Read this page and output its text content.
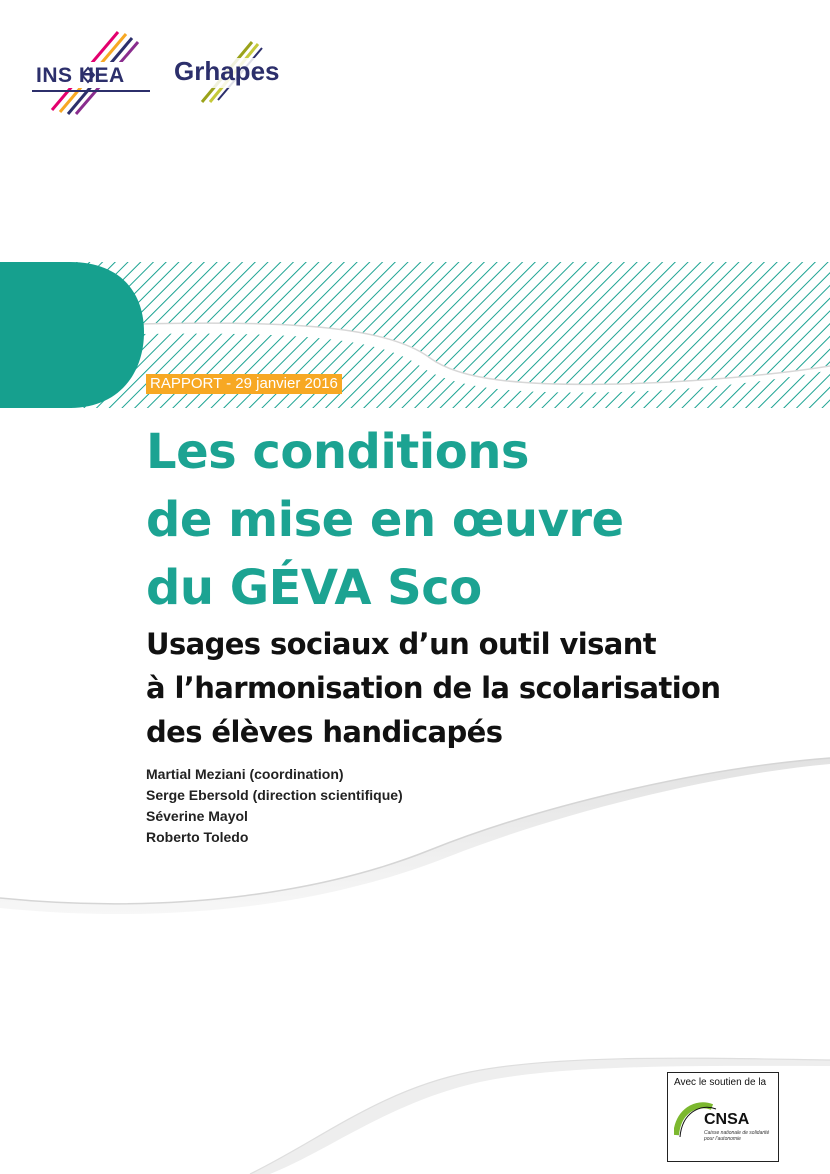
INS HEA Grhapes
RAPPORT - 29 janvier 2016
Les conditions
de mise en œuvre
du GÉVA Sco
Usages sociaux d’un outil visant
à l’harmonisation de la scolarisation
des élèves handicapés
Martial Meziani (coordination)
Serge Ebersold (direction scientifique)
Séverine Mayol
Roberto Toledo
Avec le soutien de la
CNSA
Caisse nationale de solidarité pour l’autonomie
